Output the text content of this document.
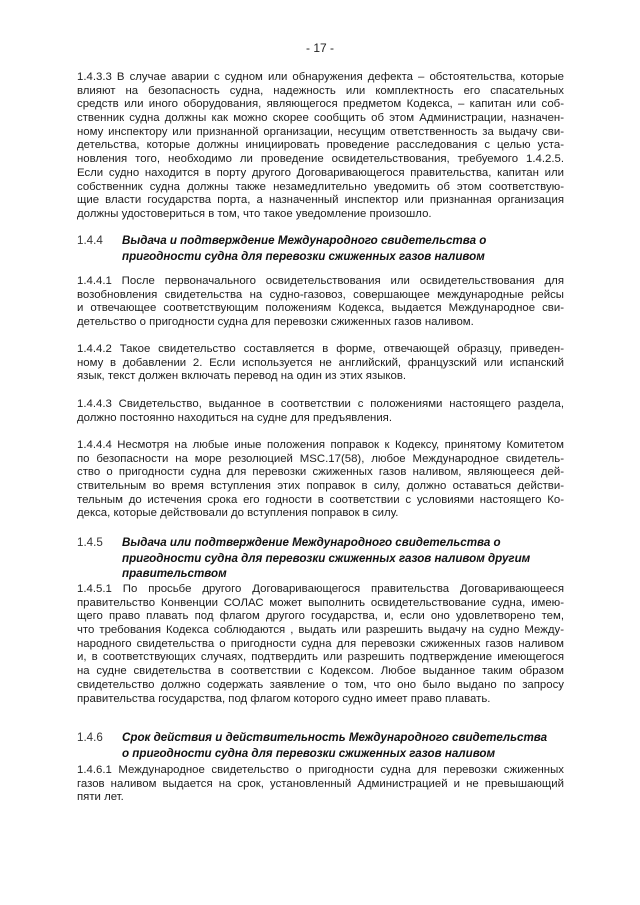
- 17 -
1.4.3.3 В случае аварии с судном или обнаружения дефекта – обстоятельства, которые
влияют на безопасность судна, надежность или комплектность его спасательных
средств или иного оборудования, являющегося предметом Кодекса, – капитан или соб-
ственник судна должны как можно скорее сообщить об этом Администрации, назначен-
ному инспектору или признанной организации, несущим ответственность за выдачу сви-
детельства, которые должны инициировать проведение расследования с целью уста-
новления того, необходимо ли проведение освидетельствования, требуемого 1.4.2.5.
Если судно находится в порту другого Договаривающегося правительства, капитан или
собственник судна должны также незамедлительно уведомить об этом соответствую-
щие власти государства порта, а назначенный инспектор или признанная организация
должны удостовериться в том, что такое уведомление произошло.
1.4.4 Выдача и подтверждение Международного свидетельства о
пригодности судна для перевозки сжиженных газов наливом
1.4.4.1 После первоначального освидетельствования или освидетельствования для
возобновления свидетельства на судно-газовоз, совершающее международные рейсы
и отвечающее соответствующим положениям Кодекса, выдается Международное сви-
детельство о пригодности судна для перевозки сжиженных газов наливом.
1.4.4.2 Такое свидетельство составляется в форме, отвечающей образцу, приведен-
ному в добавлении 2. Если используется не английский, французский или испанский
язык, текст должен включать перевод на один из этих языков.
1.4.4.3 Свидетельство, выданное в соответствии с положениями настоящего раздела,
должно постоянно находиться на судне для предъявления.
1.4.4.4 Несмотря на любые иные положения поправок к Кодексу, принятому Комитетом
по безопасности на море резолюцией MSC.17(58), любое Международное свидетель-
ство о пригодности судна для перевозки сжиженных газов наливом, являющееся дей-
ствительным во время вступления этих поправок в силу, должно оставаться действи-
тельным до истечения срока его годности в соответствии с условиями настоящего Ко-
декса, которые действовали до вступления поправок в силу.
1.4.5 Выдача или подтверждение Международного свидетельства о
пригодности судна для перевозки сжиженных газов наливом другим
правительством
1.4.5.1 По просьбе другого Договаривающегося правительства Договаривающееся
правительство Конвенции СОЛАС может выполнить освидетельствование судна, имею-
щего право плавать под флагом другого государства, и, если оно удовлетворено тем,
что требования Кодекса соблюдаются , выдать или разрешить выдачу на судно Между-
народного свидетельства о пригодности судна для перевозки сжиженных газов наливом
и, в соответствующих случаях, подтвердить или разрешить подтверждение имеющегося
на судне свидетельства в соответствии с Кодексом. Любое выданное таким образом
свидетельство должно содержать заявление о том, что оно было выдано по запросу
правительства государства, под флагом которого судно имеет право плавать.
1.4.6 Срок действия и действительность Международного свидетельства
о пригодности судна для перевозки сжиженных газов наливом
1.4.6.1 Международное свидетельство о пригодности судна для перевозки сжиженных
газов наливом выдается на срок, установленный Администрацией и не превышающий
пяти лет.
